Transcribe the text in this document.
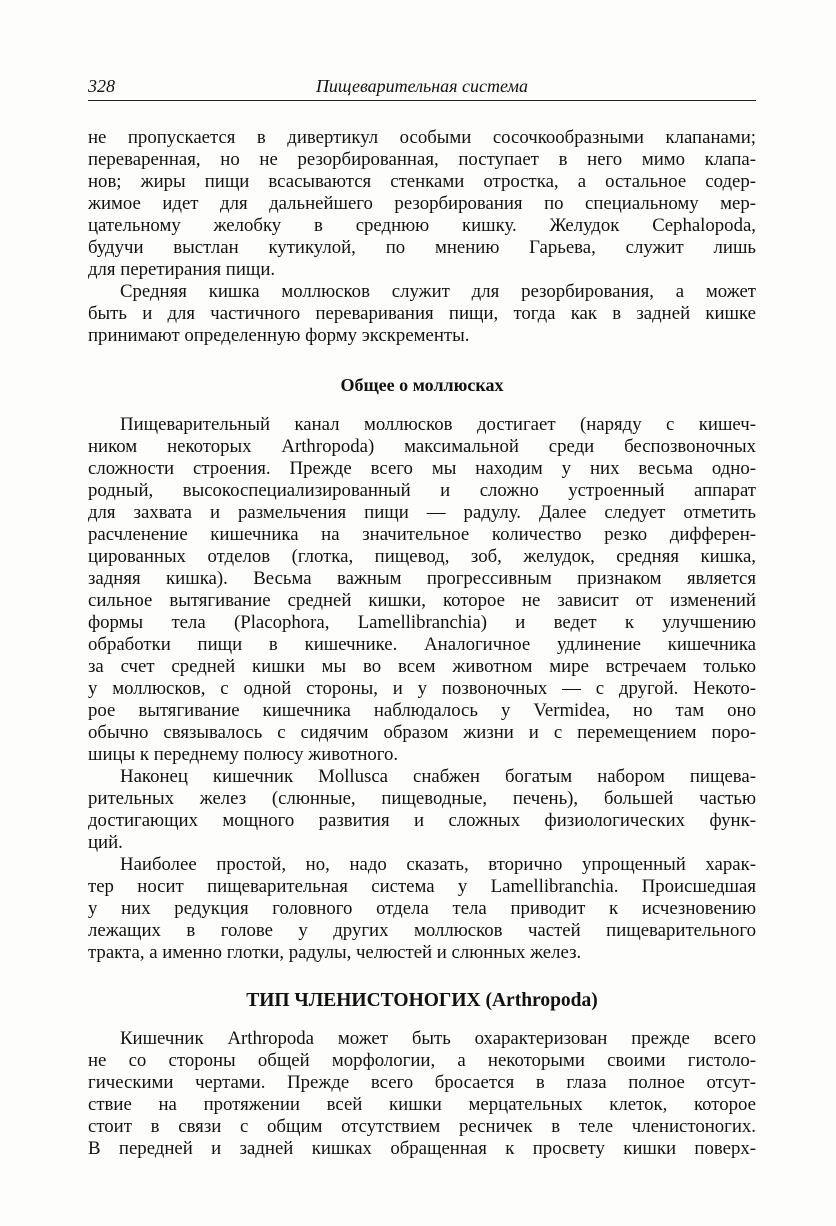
328	Пищеварительная система
не пропускается в дивертикул особыми сосочкообразными клапанами;
переваренная, но не резорбированная, поступает в него мимо клапа-
нов; жиры пищи всасываются стенками отростка, а остальное содер-
жимое идет для дальнейшего резорбирования по специальному мер-
цательному желобку в среднюю кишку. Желудок Cephalopoda,
будучи выстлан кутикулой, по мнению Гарьева, служит лишь
для перетирания пищи.
Средняя кишка моллюсков служит для резорбирования, а может
быть и для частичного переваривания пищи, тогда как в задней кишке
принимают определенную форму экскременты.
Общее о моллюсках
Пищеварительный канал моллюсков достигает (наряду с кишеч-
ником некоторых Arthropoda) максимальной среди беспозвоночных
сложности строения. Прежде всего мы находим у них весьма одно-
родный, высокоспециализированный и сложно устроенный аппарат
для захвата и размельчения пищи — радулу. Далее следует отметить
расчленение кишечника на значительное количество резко дифферен-
цированных отделов (глотка, пищевод, зоб, желудок, средняя кишка,
задняя кишка). Весьма важным прогрессивным признаком является
сильное вытягивание средней кишки, которое не зависит от изменений
формы тела (Placophora, Lamellibranchia) и ведет к улучшению
обработки пищи в кишечнике. Аналогичное удлинение кишечника
за счет средней кишки мы во всем животном мире встречаем только
у моллюсков, с одной стороны, и у позвоночных — с другой. Некото-
рое вытягивание кишечника наблюдалось у Vermidea, но там оно
обычно связывалось с сидячим образом жизни и с перемещением поро-
шицы к переднему полюсу животного.
Наконец кишечник Mollusca снабжен богатым набором пищева-
рительных желез (слюнные, пищеводные, печень), большей частью
достигающих мощного развития и сложных физиологических функ-
ций.
Наиболее простой, но, надо сказать, вторично упрощенный харак-
тер носит пищеварительная система у Lamellibranchia. Происшедшая
у них редукция головного отдела тела приводит к исчезновению
лежащих в голове у других моллюсков частей пищеварительного
тракта, а именно глотки, радулы, челюстей и слюнных желез.
ТИП ЧЛЕНИСТОНОГИХ (Arthropoda)
Кишечник Arthropoda может быть охарактеризован прежде всего
не со стороны общей морфологии, а некоторыми своими гистоло-
гическими чертами. Прежде всего бросается в глаза полное отсут-
ствие на протяжении всей кишки мерцательных клеток, которое
стоит в связи с общим отсутствием ресничек в теле членистоногих.
В передней и задней кишках обращенная к просвету кишки поверх-
